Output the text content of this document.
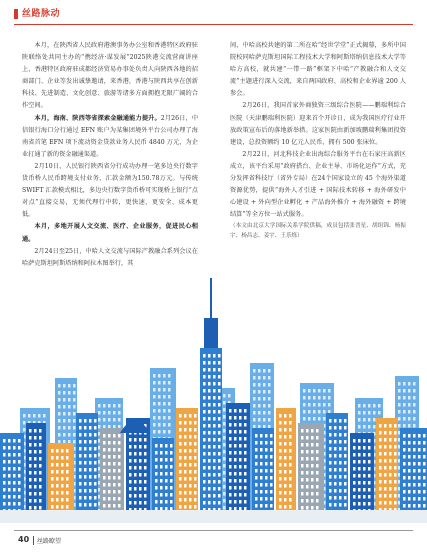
丝路脉动

本月，在陕西省人民政府港澳事务办公室和香港特区政府驻陕联络处共同主办的“携经济·谋发展”2025陕港交流营商讲座上，香港特区政府驻成都经济贸易办事处负责人向陕西各地的招商部门、企业等发出诚挚邀请，来香港，香港与陕西共享在创新科技、先进制造、文化创意、旅游等诸多方面拥抱无限广阔的合作空间。

本月，海南、陕西等省探索金融通能力提升。2月26日，中信银行海口分行通过 EFN 账户为某集团境外平台公司办理了海南省首笔 EFN 项下流动资金贷款业务人民币 4840 万元，为企业打通了新的资金融通渠道。

2月10日，人民银行陕西省分行成功办理一笔多边央行数字货币桥人民币跨境支付业务，汇款金额为150.78万元。与传统 SWIFT 汇款模式相比，多边央行数字货币桥可实现桥上银行“点对点”直接交易，无须代理行中转，更快速、更安全、成本更低。

本月，多地开展人文交流、医疗、企业服务，促进民心相通。

2月24日至25日，中哈人文交流与国际产教融合系列会议在哈萨克斯坦阿斯塔纳和阿拉木图举行，其

间，中哈高校共建的第二所在哈“经世学堂”正式揭幕，多所中国院校同哈萨克斯坦国际工程技术大学和阿斯塔纳信息技术大学等哈方高校，就共建“一带一路”框架下中哈“产教融合和人文交流”主题进行深入交流，来自两国政府、高校和企业界逾 200 人参会。

2月26日，我国首家外商独资三级综合医院——鹏瑞利综合医院（天津鹏瑞利医院）迎来首个开诊日，成为我国医疗行业开放政策宣布后的落地新举措。这家医院由新加坡鹏瑞利集团投资建设，总投资额约 10 亿元人民币，拥有 500 张床位。

2月22日，河北科技企业出海综合服务平台在石家庄高新区成立，该平台采用“政府搭台、企业主导、市场化运作”方式，充分发挥省科技厅（省外专局）在24个国家设立的 45 个海外渠道资源优势，提供“海外人才引进 + 国际技术转移 + 海外研发中心建设 + 外向型企业孵化 + 产品海外推介 + 海外融资 + 跨境结算”等全方位一站式服务。

（本文由北京大学国际关系学院供稿，成员包括张晋星、胡组锦、杨振宇、杨昌志、姜宇、王乐烁）

40 丝路瞭望
